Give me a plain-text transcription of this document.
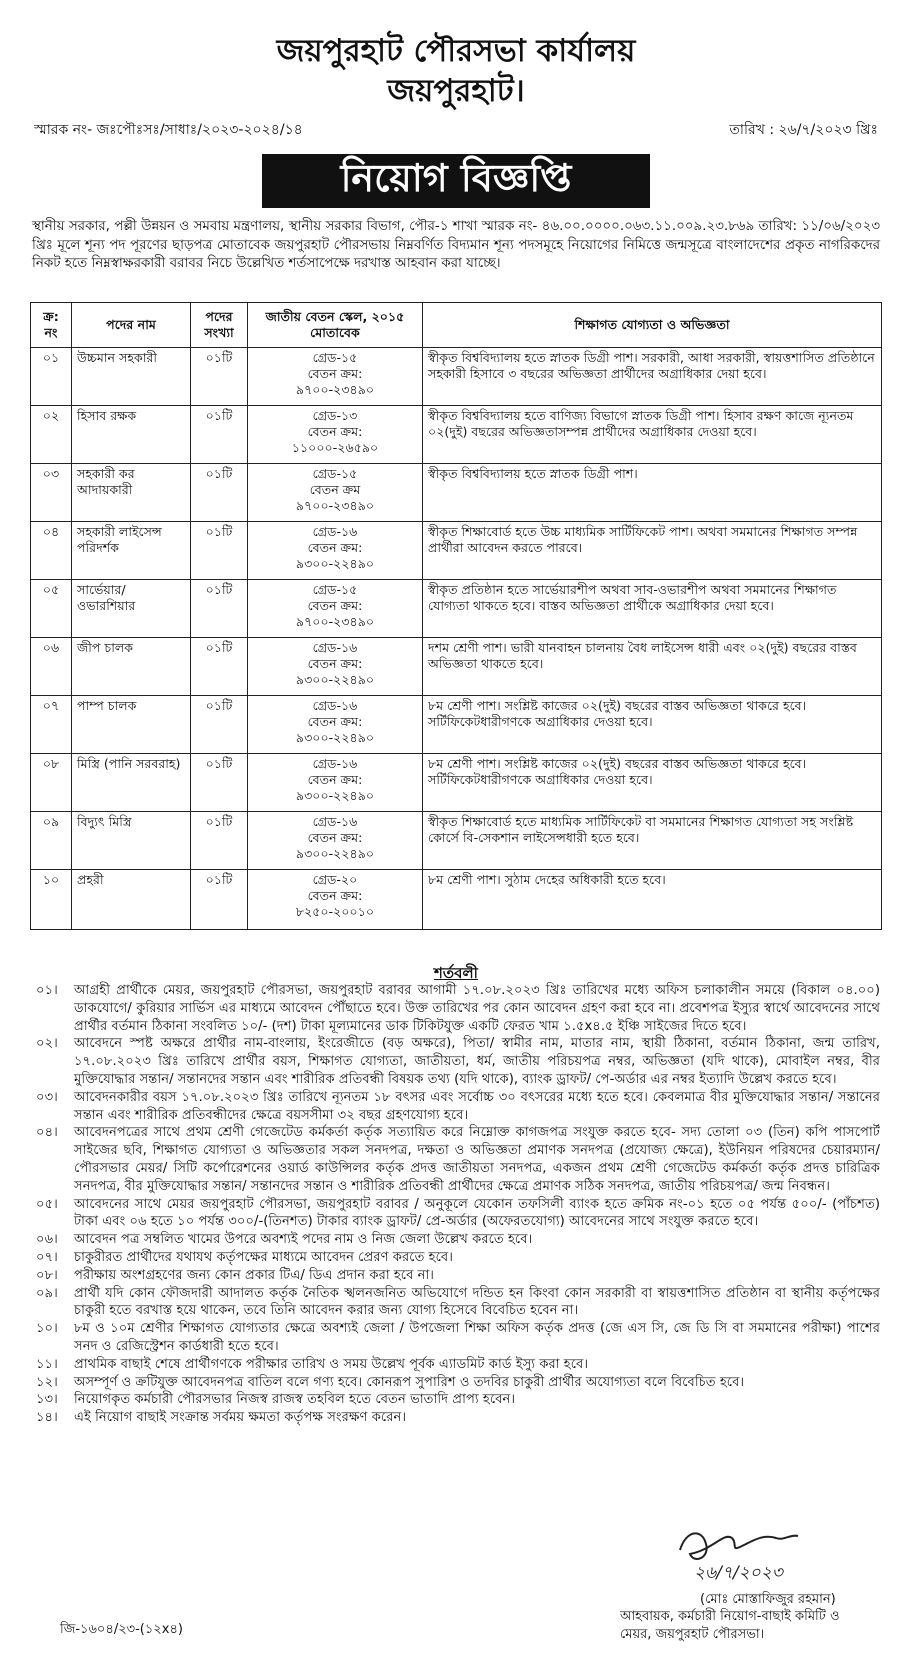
জয়পুরহাট পৌরসভা কার্যালয়
জয়পুরহাট।
স্মারক নং- জঃপৌঃসঃ/সাধাঃ/২০২৩-২০২৪/১৪	তারিখ : ২৬/৭/২০২৩ খ্রিঃ
নিয়োগ বিজ্ঞপ্তি
স্থানীয় সরকার, পল্লী উন্নয়ন ও সমবায় মন্ত্রণালয়, স্থানীয় সরকার বিভাগ, পৌর-১ শাখা স্মারক নং- ৪৬.০০.০০০০.০৬৩.১১.০০৯.২৩.৮৬৯ তারিখ: ১১/০৬/২০২৩ খ্রিঃ মূলে শূন্য পদ পূরণের ছাড়পত্র মোতাবেক জয়পুরহাট পৌরসভায় নিম্নবর্ণিত বিদ্যমান শূন্য পদসমূহে নিয়োগের নিমিত্তে জন্মসূত্রে বাংলাদেশের প্রকৃত নাগরিকদের নিকট হতে নিম্নস্বাক্ষরকারী বরাবর নিচে উল্লেখিত শর্তসাপেক্ষে দরখাস্ত আহবান করা যাচ্ছে।
ক্র: নং	পদের নাম	পদের সংখ্যা	জাতীয় বেতন স্কেল, ২০১৫ মোতাবেক	শিক্ষাগত যোগ্যতা ও অভিজ্ঞতা
০১	উচ্চমান সহকারী	০১টি	গ্রেড-১৫
বেতন ক্রম:
৯৭০০-২৩৪৯০	স্বীকৃত বিশ্ববিদ্যালয় হতে স্নাতক ডিগ্রী পাশ। সরকারী, আধা সরকারী, স্বায়ত্তশাসিত প্রতিষ্ঠানে সহকারী হিসাবে ৩ বছরের অভিজ্ঞতা প্রার্থীদের অগ্রাধিকার দেয়া হবে।
০২	হিসাব রক্ষক	০১টি	গ্রেড-১৩
বেতন ক্রম:
১১০০০-২৬৫৯০	স্বীকৃত বিশ্ববিদ্যালয় হতে বাণিজ্য বিভাগে স্নাতক ডিগ্রী পাশ। হিসাব রক্ষণ কাজে ন্যূনতম ০২(দুই) বছরের অভিজ্ঞতাসম্পন্ন প্রার্থীদের অগ্রাধিকার দেওয়া হবে।
০৩	সহকারী কর আদায়কারী	০১টি	গ্রেড-১৫
বেতন ক্রম
৯৭০০-২৩৪৯০	স্বীকৃত বিশ্ববিদ্যালয় হতে স্নাতক ডিগ্রী পাশ।
০৪	সহকারী লাইসেন্স পরিদর্শক	০১টি	গ্রেড-১৬
বেতন ক্রম:
৯৩০০-২২৪৯০	স্বীকৃত শিক্ষাবোর্ড হতে উচ্চ মাধ্যমিক সার্টিফিকেট পাশ। অথবা সমমানের শিক্ষাগত সম্পন্ন প্রার্থীরা আবেদন করতে পারবে।
০৫	সার্ভেয়ার/ ওভারশিয়ার	০১টি	গ্রেড-১৫
বেতন ক্রম:
৯৭০০-২৩৪৯০	স্বীকৃত প্রতিষ্ঠান হতে সার্ভেয়ারশীপ অথবা সাব-ওভারশীপ অথবা সমমানের শিক্ষাগত যোগ্যতা থাকতে হবে। বাস্তব অভিজ্ঞতা প্রার্থীকে অগ্রাধিকার দেয়া হবে।
০৬	জীপ চালক	০১টি	গ্রেড-১৬
বেতন ক্রম:
৯৩০০-২২৪৯০	দশম শ্রেণী পাশ। ভারী যানবাহন চালনায় বৈধ লাইসেন্স ধারী এবং ০২(দুই) বছরের বাস্তব অভিজ্ঞতা থাকতে হবে।
০৭	পাম্প চালক	০১টি	গ্রেড-১৬
বেতন ক্রম:
৯৩০০-২২৪৯০	৮ম শ্রেণী পাশ। সংশ্লিষ্ট কাজের ০২(দুই) বছরের বাস্তব অভিজ্ঞতা থাকরে হবে। সর্টিফিকেটধারীগণকে অগ্রাধিকার দেওয়া হবে।
০৮	মিস্ত্রি (পানি সরবরাহ)	০১টি	গ্রেড-১৬
বেতন ক্রম:
৯৩০০-২২৪৯০	৮ম শ্রেণী পাশ। সংশ্লিষ্ট কাজের ০২(দুই) বছরের বাস্তব অভিজ্ঞতা থাকরে হবে। সর্টিফিকেটধারীগণকে অগ্রাধিকার দেওয়া হবে।
০৯	বিদ্যুৎ মিস্ত্রি	০১টি	গ্রেড-১৬
বেতন ক্রম:
৯৩০০-২২৪৯০	স্বীকৃত শিক্ষাবোর্ড হতে মাধ্যমিক সার্টিফিকেট বা সমমানের শিক্ষাগত যোগ্যতা সহ সংশ্লিষ্ট কোর্সে বি-সেকশান লাইসেন্সধারী হতে হবে।
১০	প্রহরী	০১টি	গ্রেড-২০
বেতন ক্রম:
৮২৫০-২০০১০	৮ম শ্রেণী পাশ। সুঠাম দেহের অধিকারী হতে হবে।
শর্তবলী
০১।	আগ্রহী প্রার্থীকে মেয়র, জয়পুরহাট পৌরসভা, জয়পুরহাট বরাবর আগামী ১৭.০৮.২০২৩ খ্রিঃ তারিখের মধ্যে অফিস চলাকালীন সময়ে (বিকাল ০৪.০০) ডাকযোগে/ কুরিয়ার সার্ভিস এর মাধ্যমে আবেদন পৌঁছাতে হবে। উক্ত তারিখের পর কোন আবেদন গ্রহণ করা হবে না। প্রবেশপত্র ইস্যুর স্বার্থে আবেদনের সাথে প্রার্থীর বর্তমান ঠিকানা সংবলিত ১০/- (দশ) টাকা মূল্যমানের ডাক টিকিটযুক্ত একটি ফেরত খাম ১.৫x৪.৫ ইঞ্চি সাইজের দিতে হবে।
০২।	আবেদনে স্পষ্ট অক্ষরে প্রার্থীর নাম-বাংলায়, ইংরেজীতে (বড় অক্ষরে), পিতা/ স্বামীর নাম, মাতার নাম, স্থায়ী ঠিকানা, বর্তমান ঠিকানা, জন্ম তারিখ, ১৭.০৮.২০২৩ খ্রিঃ তারিখে প্রার্থীর বয়স, শিক্ষাগত যোগ্যতা, জাতীয়তা, ধর্ম, জাতীয় পরিচয়পত্র নম্বর, অভিজ্ঞতা (যদি থাকে), মোবাইল নম্বর, বীর মুক্তিযোদ্ধার সন্তান/ সন্তানদের সন্তান এবং শারীরিক প্রতিবন্ধী বিষয়ক তথ্য (যদি থাকে), ব্যাংক ড্রাফট/ পে-অর্ডার এর নম্বর ইত্যাদি উল্লেখ করতে হবে।
০৩।	আবেদনকারীর বয়স ১৭.০৮.২০২৩ খ্রিঃ তারিখে ন্যূনতম ১৮ বৎসর এবং সর্বোচ্চ ৩০ বৎসরের মধ্যে হতে হবে। কেবলমাত্র বীর মুক্তিযোদ্ধার সন্তান/ সন্তানের সন্তান এবং শারীরিক প্রতিবন্ধীদের ক্ষেত্রে বয়সসীমা ৩২ বছর গ্রহণযোগ্য হবে।
০৪।	আবেদনপত্রের সাথে প্রথম শ্রেণী গেজেটেড কর্মকর্তা কর্তৃক সত্যায়িত করে নিম্নোক্ত কাগজপত্র সংযুক্ত করতে হবে- সদ্য তোলা ০৩ (তিন) কপি পাসপোর্ট সাইজের ছবি, শিক্ষাগত যোগ্যতা ও অভিজ্ঞতার সকল সনদপত্র, দক্ষতা ও অভিজ্ঞতা প্রমাণক সনদপত্র (প্রযোজ্য ক্ষেত্রে), ইউনিয়ন পরিষদের চেয়ারম্যান/ পৌরসভার মেয়র/ সিটি কর্পোরেশনের ওয়ার্ড কাউন্সিলর কর্তৃক প্রদত্ত জাতীয়তা সনদপত্র, একজন প্রথম শ্রেণী গেজেটেড কর্মকর্তা কর্তৃক প্রদত্ত চারিত্রিক সনদপত্র, বীর মুক্তিযোদ্ধার সন্তান/ সন্তানদের সন্তান ও শারীরিক প্রতিবন্ধী প্রার্থীদের ক্ষেত্রে প্রমাণক সঠিক সনদপত্র, জাতীয় পরিচয়পত্র/ জন্ম নিবন্ধন।
০৫।	আবেদনের সাথে মেয়র জয়পুরহাট পৌরসভা, জয়পুরহাট বরাবর / অনুকূলে যেকোন তফসিলী ব্যাংক হতে ক্রমিক নং-০১ হতে ০৫ পর্যন্ত ৫০০/- (পাঁচশত) টাকা এবং ০৬ হতে ১০ পর্যন্ত ৩০০/-(তিনশত) টাকার ব্যাংক ড্রাফট/ প্রে-অর্ডার (অফেরতযোগ্য) আবেদনের সাথে সংযুক্ত করতে হবে।
০৬।	আবেদন পত্র সম্বলিত খামের উপরে অবশ্যই পদের নাম ও নিজ জেলা উল্লেখ করতে হবে।
০৭।	চাকুরীরত প্রার্থীদের যথাযথ কর্তৃপক্ষের মাধ্যমে আবেদন প্রেরণ করতে হবে।
০৮।	পরীক্ষায় অংশগ্রহণের জন্য কোন প্রকার টিএ/ ডিএ প্রদান করা হবে না।
০৯।	প্রার্থী যদি কোন ফৌজদারী আদালত কর্তৃক নৈতিক স্খলনজনিত অভিযোগে দন্ডিত হন কিংবা কোন সরকারী বা স্বায়ত্তশাসিত প্রতিষ্ঠান বা স্থানীয় কর্তৃপক্ষের চাকুরী হতে বরখাস্ত হয়ে থাকেন, তবে তিনি আবেদন করার জন্য যোগ্য হিসেবে বিবেচিত হবেন না।
১০।	৮ম ও ১০ম শ্রেণীর শিক্ষাগত যোগ্যতার ক্ষেত্রে অবশ্যই জেলা / উপজেলা শিক্ষা অফিস কর্তৃক প্রদত্ত (জে এস সি, জে ডি সি বা সমমানের পরীক্ষা) পাশের সনদ ও রেজিস্ট্রেশন কার্ডধারী হতে হবে।
১১।	প্রাথমিক বাছাই শেষে প্রার্থীগণকে পরীক্ষার তারিখ ও সময় উল্লেখ পূর্বক এ্যাডমিট কার্ড ইস্যু করা হবে।
১২।	অসম্পূর্ণ ও ক্রটিযুক্ত আবেদনপত্র বাতিল বলে গণ্য হবে। কোনরূপ সুপারিশ ও তদবির চাকুরী প্রার্থীর অযোগ্যতা বলে বিবেচিত হবে।
১৩।	নিয়োগকৃত কর্মচারী পৌরসভার নিজস্ব রাজস্ব তহবিল হতে বেতন ভাতাদি প্রাপ্য হবেন।
১৪।	এই নিয়োগ বাছাই সংক্রান্ত সর্বময় ক্ষমতা কর্তৃপক্ষ সংরক্ষণ করেন।
২৬/৭/২০২৩
(মোঃ মোস্তাফিজুর রহমান)
আহবায়ক, কর্মচারী নিয়োগ-বাছাই কমিটি ও
মেয়র, জয়পুরহাট পৌরসভা।
জি-১৬০৪/২৩-(১২x৪)
